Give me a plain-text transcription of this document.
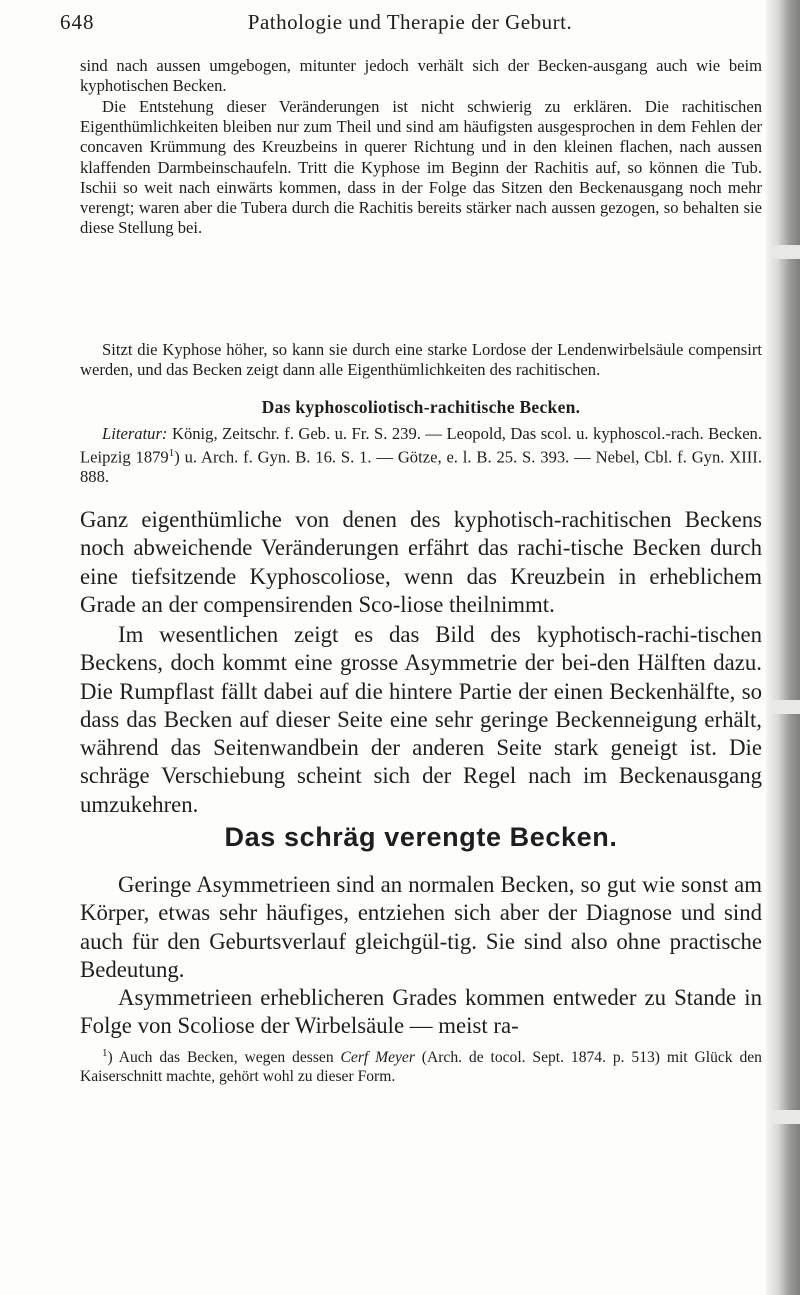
648	Pathologie und Therapie der Geburt.

sind nach aussen umgebogen, mitunter jedoch verhält sich der Becken-ausgang auch wie beim kyphotischen Becken.

Die Entstehung dieser Veränderungen ist nicht schwierig zu erklären. Die rachitischen Eigenthümlichkeiten bleiben nur zum Theil und sind am häufigsten ausgesprochen in dem Fehlen der concaven Krümmung des Kreuzbeins in querer Richtung und in den kleinen flachen, nach aussen klaffenden Darmbeinschaufeln. Tritt die Kyphose im Beginn der Rachitis auf, so können die Tub. Ischii so weit nach einwärts kommen, dass in der Folge das Sitzen den Beckenausgang noch mehr verengt; waren aber die Tubera durch die Rachitis bereits stärker nach aussen gezogen, so behalten sie diese Stellung bei.

Sitzt die Kyphose höher, so kann sie durch eine starke Lordose der Lendenwirbelsäule compensirt werden, und das Becken zeigt dann alle Eigenthümlichkeiten des rachitischen.

Das kyphoscoliotisch-rachitische Becken.

Literatur: König, Zeitschr. f. Geb. u. Fr. S. 239. — Leopold, Das scol. u. kyphoscol.-rach. Becken. Leipzig 1879$^1$) u. Arch. f. Gyn. B. 16. S. 1. — Götze, e. l. B. 25. S. 393. — Nebel, Cbl. f. Gyn. XIII. 888.

Ganz eigenthümliche von denen des kyphotisch-rachitischen Beckens noch abweichende Veränderungen erfährt das rachi-tische Becken durch eine tiefsitzende Kyphoscoliose, wenn das Kreuzbein in erheblichem Grade an der compensirenden Sco-liose theilnimmt.

Im wesentlichen zeigt es das Bild des kyphotisch-rachi-tischen Beckens, doch kommt eine grosse Asymmetrie der bei-den Hälften dazu. Die Rumpflast fällt dabei auf die hintere Partie der einen Beckenhälfte, so dass das Becken auf dieser Seite eine sehr geringe Beckenneigung erhält, während das Seitenwandbein der anderen Seite stark geneigt ist. Die schräge Verschiebung scheint sich der Regel nach im Beckenausgang umzukehren.

Das schräg verengte Becken.

Geringe Asymmetrieen sind an normalen Becken, so gut wie sonst am Körper, etwas sehr häufiges, entziehen sich aber der Diagnose und sind auch für den Geburtsverlauf gleichgül-tig. Sie sind also ohne practische Bedeutung.

Asymmetrieen erheblicheren Grades kommen entweder zu Stande in Folge von Scoliose der Wirbelsäule — meist ra-

$^1$) Auch das Becken, wegen dessen Cerf Meyer (Arch. de tocol. Sept. 1874. p. 513) mit Glück den Kaiserschnitt machte, gehört wohl zu dieser Form.
